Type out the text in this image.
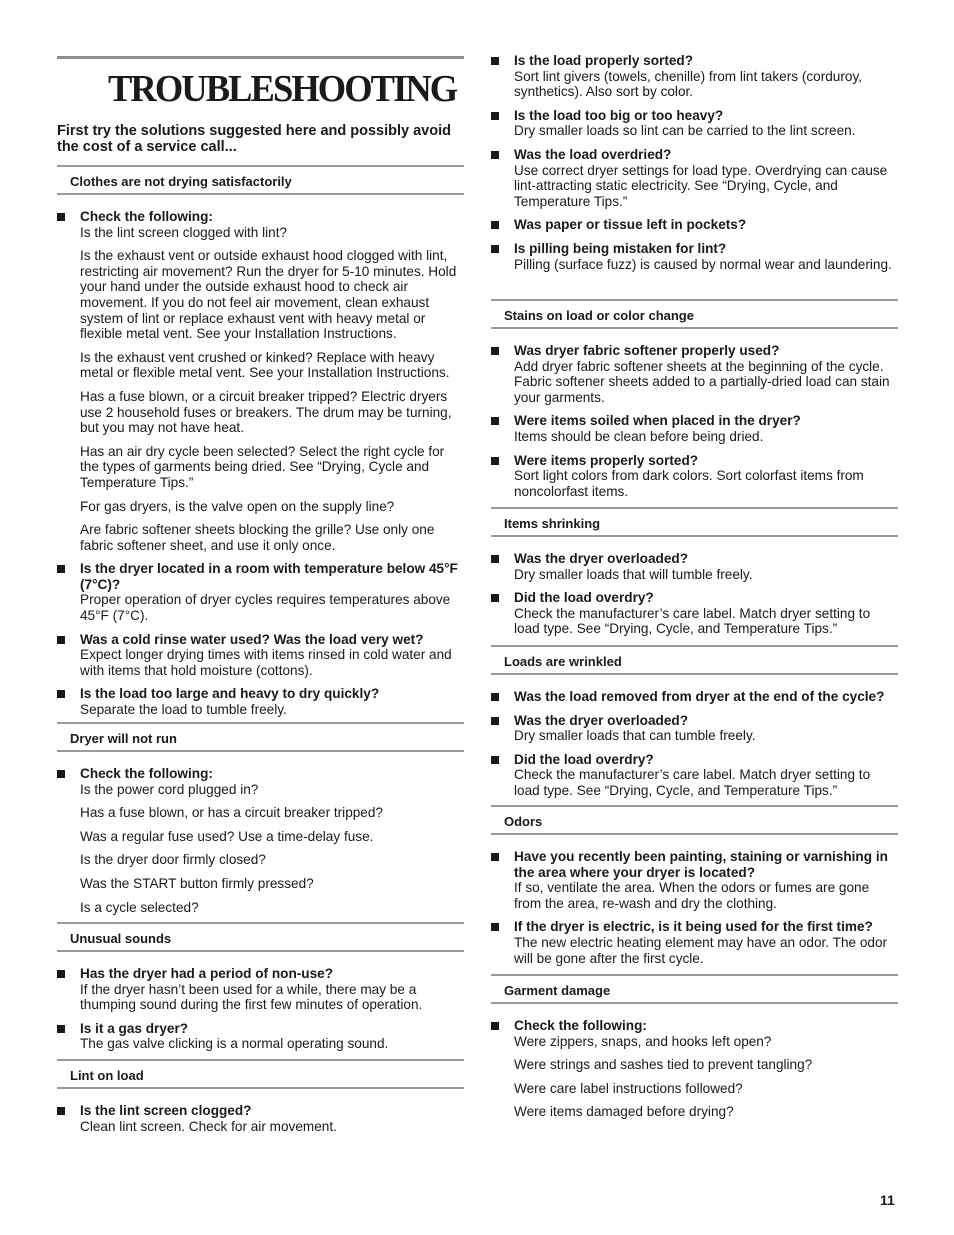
TROUBLESHOOTING
First try the solutions suggested here and possibly avoid the cost of a service call...
Clothes are not drying satisfactorily
Check the following:
Is the lint screen clogged with lint?
Is the exhaust vent or outside exhaust hood clogged with lint, restricting air movement? Run the dryer for 5-10 minutes. Hold your hand under the outside exhaust hood to check air movement. If you do not feel air movement, clean exhaust system of lint or replace exhaust vent with heavy metal or flexible metal vent. See your Installation Instructions.
Is the exhaust vent crushed or kinked? Replace with heavy metal or flexible metal vent. See your Installation Instructions.
Has a fuse blown, or a circuit breaker tripped? Electric dryers use 2 household fuses or breakers. The drum may be turning, but you may not have heat.
Has an air dry cycle been selected? Select the right cycle for the types of garments being dried. See “Drying, Cycle and Temperature Tips.”
For gas dryers, is the valve open on the supply line?
Are fabric softener sheets blocking the grille? Use only one fabric softener sheet, and use it only once.
Is the dryer located in a room with temperature below 45°F (7°C)?
Proper operation of dryer cycles requires temperatures above 45°F (7°C).
Was a cold rinse water used? Was the load very wet?
Expect longer drying times with items rinsed in cold water and with items that hold moisture (cottons).
Is the load too large and heavy to dry quickly?
Separate the load to tumble freely.
Dryer will not run
Check the following:
Is the power cord plugged in?
Has a fuse blown, or has a circuit breaker tripped?
Was a regular fuse used? Use a time-delay fuse.
Is the dryer door firmly closed?
Was the START button firmly pressed?
Is a cycle selected?
Unusual sounds
Has the dryer had a period of non-use?
If the dryer hasn’t been used for a while, there may be a thumping sound during the first few minutes of operation.
Is it a gas dryer?
The gas valve clicking is a normal operating sound.
Lint on load
Is the lint screen clogged?
Clean lint screen. Check for air movement.
Is the load properly sorted?
Sort lint givers (towels, chenille) from lint takers (corduroy, synthetics). Also sort by color.
Is the load too big or too heavy?
Dry smaller loads so lint can be carried to the lint screen.
Was the load overdried?
Use correct dryer settings for load type. Overdrying can cause lint-attracting static electricity. See “Drying, Cycle, and Temperature Tips.”
Was paper or tissue left in pockets?
Is pilling being mistaken for lint?
Pilling (surface fuzz) is caused by normal wear and laundering.
Stains on load or color change
Was dryer fabric softener properly used?
Add dryer fabric softener sheets at the beginning of the cycle. Fabric softener sheets added to a partially-dried load can stain your garments.
Were items soiled when placed in the dryer?
Items should be clean before being dried.
Were items properly sorted?
Sort light colors from dark colors. Sort colorfast items from noncolorfast items.
Items shrinking
Was the dryer overloaded?
Dry smaller loads that will tumble freely.
Did the load overdry?
Check the manufacturer’s care label. Match dryer setting to load type. See “Drying, Cycle, and Temperature Tips.”
Loads are wrinkled
Was the load removed from dryer at the end of the cycle?
Was the dryer overloaded?
Dry smaller loads that can tumble freely.
Did the load overdry?
Check the manufacturer’s care label. Match dryer setting to load type. See “Drying, Cycle, and Temperature Tips.”
Odors
Have you recently been painting, staining or varnishing in the area where your dryer is located?
If so, ventilate the area. When the odors or fumes are gone from the area, re-wash and dry the clothing.
If the dryer is electric, is it being used for the first time?
The new electric heating element may have an odor. The odor will be gone after the first cycle.
Garment damage
Check the following:
Were zippers, snaps, and hooks left open?
Were strings and sashes tied to prevent tangling?
Were care label instructions followed?
Were items damaged before drying?
11
